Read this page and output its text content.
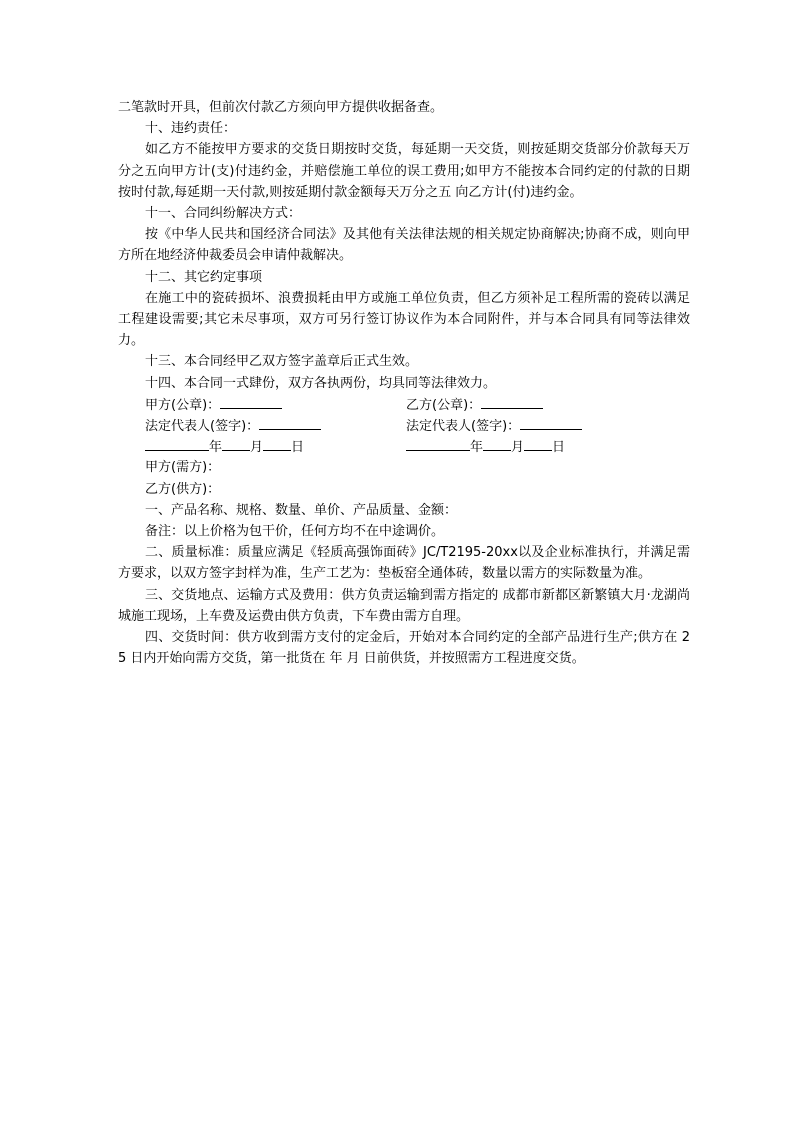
二笔款时开具，但前次付款乙方须向甲方提供收据备查。

十、违约责任：

如乙方不能按甲方要求的交货日期按时交货，每延期一天交货，则按延期交货部分价款每天万分之五向甲方计(支)付违约金，并赔偿施工单位的误工费用;如甲方不能按本合同约定的付款的日期按时付款,每延期一天付款,则按延期付款金额每天万分之五 向乙方计(付)违约金。

十一、合同纠纷解决方式：

按《中华人民共和国经济合同法》及其他有关法律法规的相关规定协商解决;协商不成，则向甲方所在地经济仲裁委员会申请仲裁解决。

十二、其它约定事项

在施工中的瓷砖损坏、浪费损耗由甲方或施工单位负责，但乙方须补足工程所需的瓷砖以满足工程建设需要;其它未尽事项，双方可另行签订协议作为本合同附件，并与本合同具有同等法律效力。

十三、本合同经甲乙双方签字盖章后正式生效。

十四、本合同一式肆份，双方各执两份，均具同等法律效力。

甲方(公章)：	乙方(公章)：
法定代表人(签字)：	法定代表人(签字)：
年 月 日	年 月 日

甲方(需方)：

乙方(供方)：

一、产品名称、规格、数量、单价、产品质量、金额：

备注：以上价格为包干价，任何方均不在中途调价。

二、质量标准：质量应满足《轻质高强饰面砖》JC/T2195-20xx以及企业标准执行，并满足需方要求，以双方签字封样为准，生产工艺为：垫板窑全通体砖，数量以需方的实际数量为准。

三、交货地点、运输方式及费用：供方负责运输到需方指定的 成都市新都区新繁镇大月·龙湖尚城施工现场，上车费及运费由供方负责，下车费由需方自理。

四、交货时间：供方收到需方支付的定金后，开始对本合同约定的全部产品进行生产;供方在 25 日内开始向需方交货，第一批货在 年 月 日前供货，并按照需方工程进度交货。
